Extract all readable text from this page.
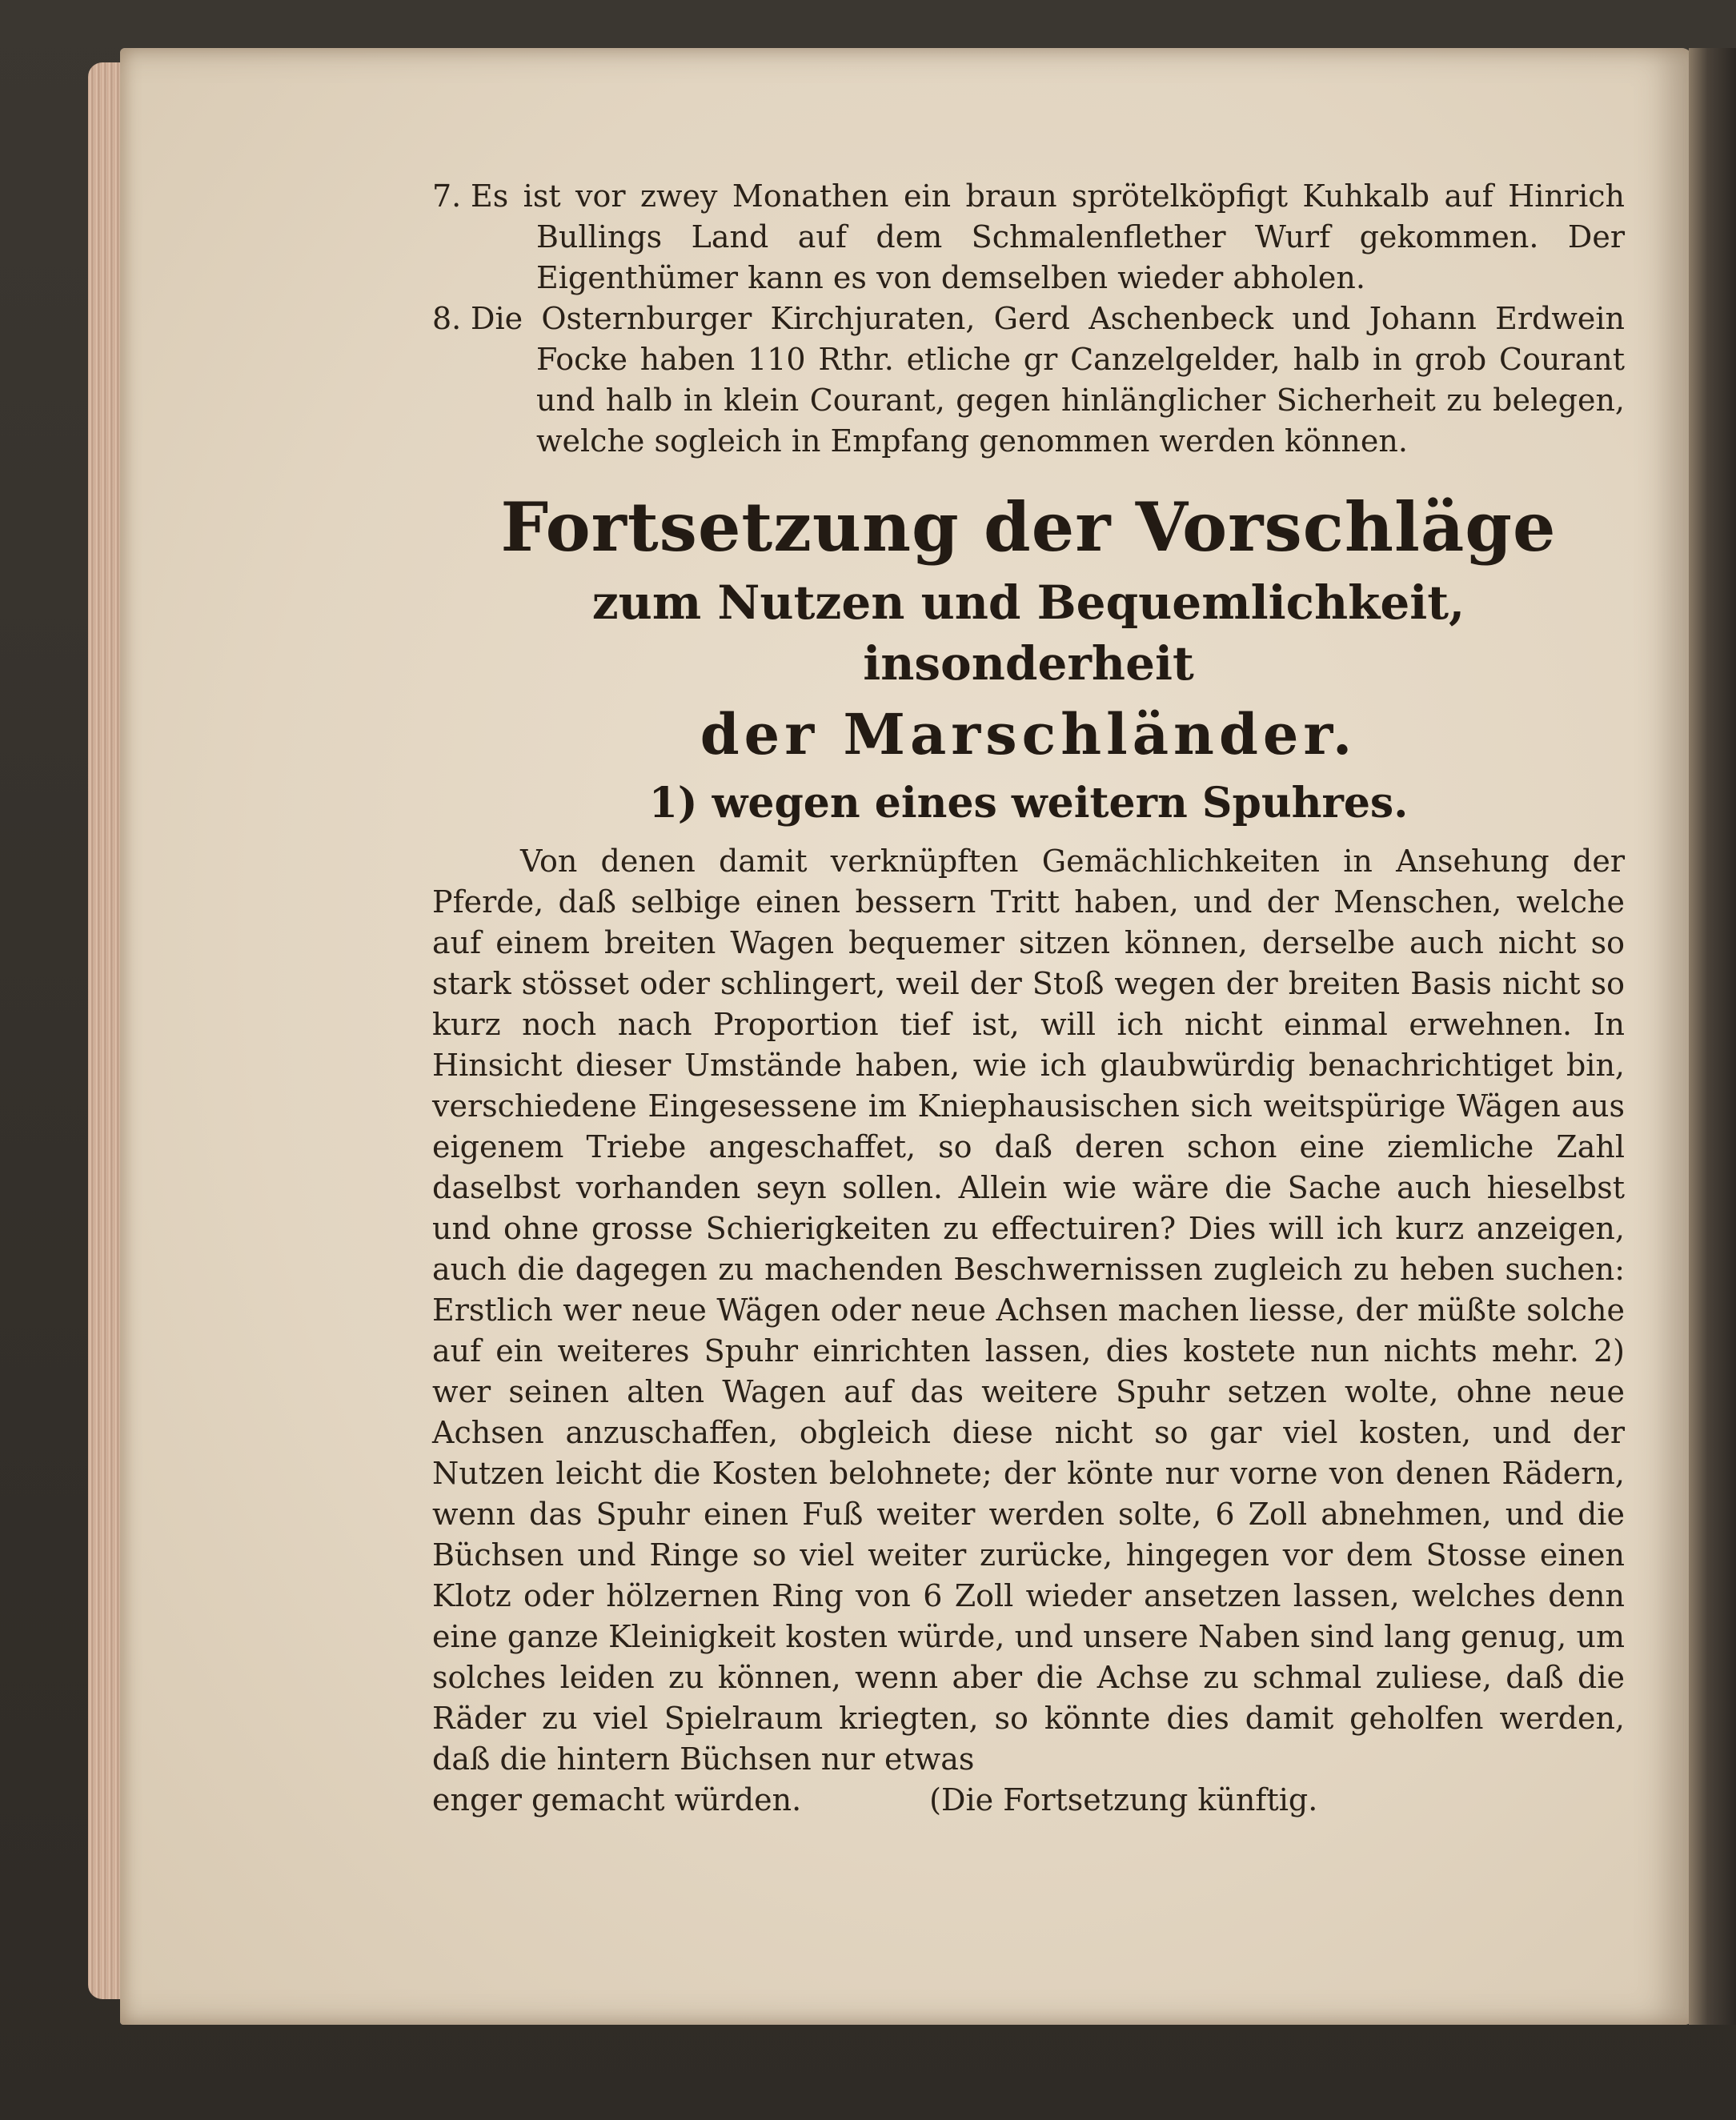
7. Es ist vor zwey Monathen ein braun sprötelköpfigt Kuhkalb auf Hinrich Bullings Land auf dem Schmalenflether Wurf gekommen. Der Eigenthümer kann es von demselben wieder abholen.

8. Die Osternburger Kirchjuraten, Gerd Aschenbeck und Johann Erdwein Focke haben 110 Rthr. etliche gr Canzelgelder, halb in grob Courant und halb in klein Courant, gegen hinlänglicher Sicherheit zu belegen, welche sogleich in Empfang genommen werden können.

Fortsetzung der Vorschläge
zum Nutzen und Bequemlichkeit, insonderheit
der Marschländer.
1) wegen eines weitern Spuhres.

Von denen damit verknüpften Gemächlichkeiten in Ansehung der Pferde, daß selbige einen bessern Tritt haben, und der Menschen, welche auf einem breiten Wagen bequemer sitzen können, derselbe auch nicht so stark stösset oder schlingert, weil der Stoß wegen der breiten Basis nicht so kurz noch nach Proportion tief ist, will ich nicht einmal erwehnen. In Hinsicht dieser Umstände haben, wie ich glaubwürdig benachrichtiget bin, verschiedene Eingesessene im Kniephausischen sich weitspürige Wägen aus eigenem Triebe angeschaffet, so daß deren schon eine ziemliche Zahl daselbst vorhanden seyn sollen. Allein wie wäre die Sache auch hieselbst und ohne grosse Schierigkeiten zu effectuiren? Dies will ich kurz anzeigen, auch die dagegen zu machenden Beschwernissen zugleich zu heben suchen: Erstlich wer neue Wägen oder neue Achsen machen liesse, der müßte solche auf ein weiteres Spuhr einrichten lassen, dies kostete nun nichts mehr. 2) wer seinen alten Wagen auf das weitere Spuhr setzen wolte, ohne neue Achsen anzuschaffen, obgleich diese nicht so gar viel kosten, und der Nutzen leicht die Kosten belohnete; der könte nur vorne von denen Rädern, wenn das Spuhr einen Fuß weiter werden solte, 6 Zoll abnehmen, und die Büchsen und Ringe so viel weiter zurücke, hingegen vor dem Stosse einen Klotz oder hölzernen Ring von 6 Zoll wieder ansetzen lassen, welches denn eine ganze Kleinigkeit kosten würde, und unsere Naben sind lang genug, um solches leiden zu können, wenn aber die Achse zu schmal zuliese, daß die Räder zu viel Spielraum kriegten, so könnte dies damit geholfen werden, daß die hintern Büchsen nur etwas

enger gemacht würden.	(Die Fortsetzung künftig.
